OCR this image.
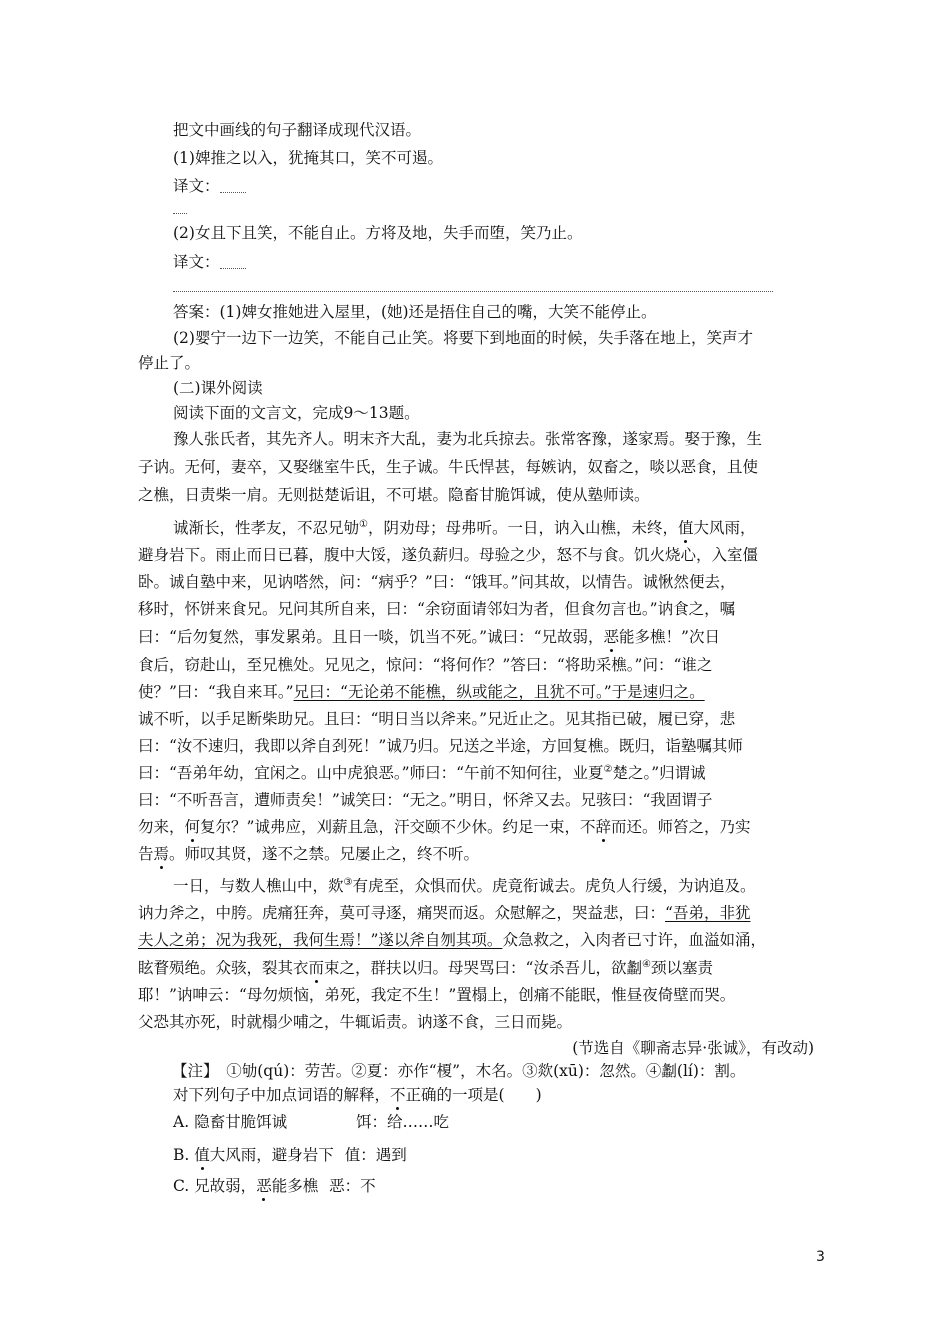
把文中画线的句子翻译成现代汉语。
(1)婢推之以入，犹掩其口，笑不可遏。
译文：
(2)女且下且笑，不能自止。方将及地，失手而堕，笑乃止。
译文：
答案：(1)婢女推她进入屋里，(她)还是捂住自己的嘴，大笑不能停止。
(2)婴宁一边下一边笑，不能自己止笑。将要下到地面的时候，失手落在地上，笑声才
停止了。
(二)课外阅读
阅读下面的文言文，完成9～13题。
豫人张氏者，其先齐人。明末齐大乱，妻为北兵掠去。张常客豫，遂家焉。娶于豫，生
子讷。无何，妻卒，又娶继室牛氏，生子诚。牛氏悍甚，每嫉讷，奴畜之，啖以恶食，且使
之樵，日责柴一肩。无则挞楚诟诅，不可堪。隐畜甘脆饵诚，使从塾师读。
诚渐长，性孝友，不忍兄劬①，阴劝母；母弗听。一日，讷入山樵，未终，值大风雨，
避身岩下。雨止而日已暮，腹中大馁，遂负薪归。母验之少，怒不与食。饥火烧心，入室僵
卧。诚自塾中来，见讷嗒然，问：“病乎？”曰：“饿耳。”问其故，以情告。诚愀然便去，
移时，怀饼来食兄。兄问其所自来，曰：“余窃面请邻妇为者，但食勿言也。”讷食之，嘱
曰：“后勿复然，事发累弟。且日一啖，饥当不死。”诚曰：“兄故弱，恶能多樵！”次日
食后，窃赴山，至兄樵处。兄见之，惊问：“将何作？”答曰：“将助采樵。”问：“谁之
使？”曰：“我自来耳。”兄曰：“无论弟不能樵，纵或能之，且犹不可。”于是速归之。
诚不听，以手足断柴助兄。且曰：“明日当以斧来。”兄近止之。见其指已破，履已穿，悲
曰：“汝不速归，我即以斧自刭死！”诚乃归。兄送之半途，方回复樵。既归，诣塾嘱其师
曰：“吾弟年幼，宜闲之。山中虎狼恶。”师曰：“午前不知何往，业夏②楚之。”归谓诚
曰：“不听吾言，遭师责矣！”诚笑曰：“无之。”明日，怀斧又去。兄骇曰：“我固谓子
勿来，何复尔？”诚弗应，刈薪且急，汗交颐不少休。约足一束，不辞而还。师笞之，乃实
告焉。师叹其贤，遂不之禁。兄屡止之，终不听。
一日，与数人樵山中，欻③有虎至，众惧而伏。虎竟衔诚去。虎负人行缓，为讷追及。
讷力斧之，中胯。虎痛狂奔，莫可寻逐，痛哭而返。众慰解之，哭益悲，曰：“吾弟，非犹
夫人之弟；况为我死，我何生焉！”遂以斧自刎其项。众急救之，入肉者已寸许，血溢如涌，
眩瞀殒绝。众骇，裂其衣而束之，群扶以归。母哭骂曰：“汝杀吾儿，欲劙④颈以塞责
耶！”讷呻云：“母勿烦恼，弟死，我定不生！”置榻上，创痛不能眠，惟昼夜倚壁而哭。
父恐其亦死，时就榻少哺之，牛辄诟责。讷遂不食，三日而毙。
(节选自《聊斋志异·张诚》，有改动)
【注】　①劬(qú)：劳苦。②夏：亦作“榎”，木名。③欻(xū)：忽然。④劙(lí)：割。
对下列句子中加点词语的解释，不正确的一项是(　　)
A. 隐畜甘脆饵诚	饵：给……吃
B. 值大风雨，避身岩下 值：遇到
C. 兄故弱，恶能多樵 恶：不
3
